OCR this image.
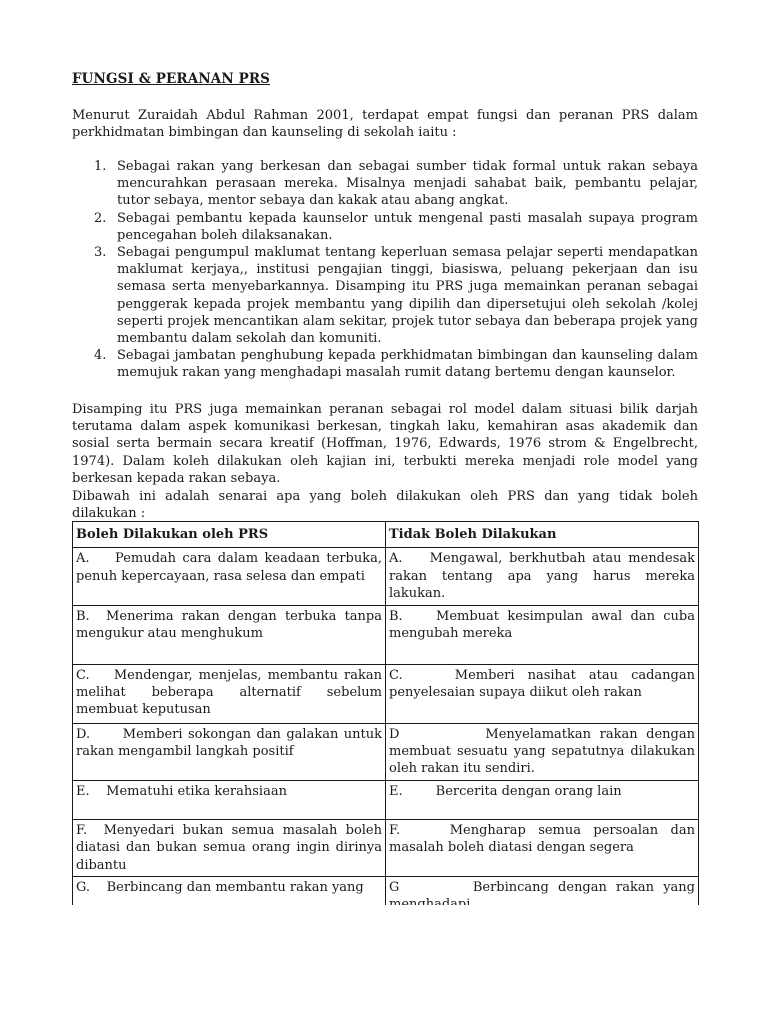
FUNGSI & PERANAN PRS

Menurut Zuraidah Abdul Rahman 2001, terdapat empat fungsi dan peranan PRS dalam perkhidmatan bimbingan dan kaunseling di sekolah iaitu :

1. Sebagai rakan yang berkesan dan sebagai sumber tidak formal untuk rakan sebaya mencurahkan perasaan mereka. Misalnya menjadi sahabat baik, pembantu pelajar, tutor sebaya, mentor sebaya dan kakak atau abang angkat.
2. Sebagai pembantu kepada kaunselor untuk mengenal pasti masalah supaya program pencegahan boleh dilaksanakan.
3. Sebagai pengumpul maklumat tentang keperluan semasa pelajar seperti mendapatkan maklumat kerjaya,, institusi pengajian tinggi, biasiswa, peluang pekerjaan dan isu semasa serta menyebarkannya. Disamping itu PRS juga memainkan peranan sebagai penggerak kepada projek membantu yang dipilih dan dipersetujui oleh sekolah /kolej seperti projek mencantikan alam sekitar, projek tutor sebaya dan beberapa projek yang membantu dalam sekolah dan komuniti.
4. Sebagai jambatan penghubung kepada perkhidmatan bimbingan dan kaunseling dalam memujuk rakan yang menghadapi masalah rumit datang bertemu dengan kaunselor.

Disamping itu PRS juga memainkan peranan sebagai rol model dalam situasi bilik darjah terutama dalam aspek komunikasi berkesan, tingkah laku, kemahiran asas akademik dan sosial serta bermain secara kreatif (Hoffman, 1976, Edwards, 1976 strom & Engelbrecht, 1974). Dalam koleh dilakukan oleh kajian ini, terbukti mereka menjadi role model yang berkesan kepada rakan sebaya.

Dibawah ini adalah senarai apa yang boleh dilakukan oleh PRS dan yang tidak boleh dilakukan :

Boleh Dilakukan oleh PRS	Tidak Boleh Dilakukan
A.    Pemudah cara dalam keadaan terbuka, penuh kepercayaan, rasa selesa dan empati	A.    Mengawal, berkhutbah atau mendesak rakan tentang apa yang harus mereka lakukan.
B.  Menerima rakan dengan terbuka tanpa mengukur atau menghukum	B.    Membuat kesimpulan awal dan cuba mengubah mereka
C.    Mendengar, menjelas, membantu rakan melihat beberapa alternatif sebelum membuat keputusan	C.    Memberi nasihat atau cadangan penyelesaian supaya diikut oleh rakan
D.      Memberi sokongan dan galakan untuk rakan mengambil langkah positif	D          Menyelamatkan rakan dengan membuat sesuatu yang sepatutnya dilakukan oleh rakan itu sendiri.
E.    Mematuhi etika kerahsiaan	E.        Bercerita dengan orang lain
F.  Menyedari bukan semua masalah boleh diatasi dan bukan semua orang ingin dirinya dibantu	F.    Mengharap semua persoalan dan masalah boleh diatasi dengan segera
G.    Berbincang dan membantu rakan yang	G        Berbincang dengan rakan yang
